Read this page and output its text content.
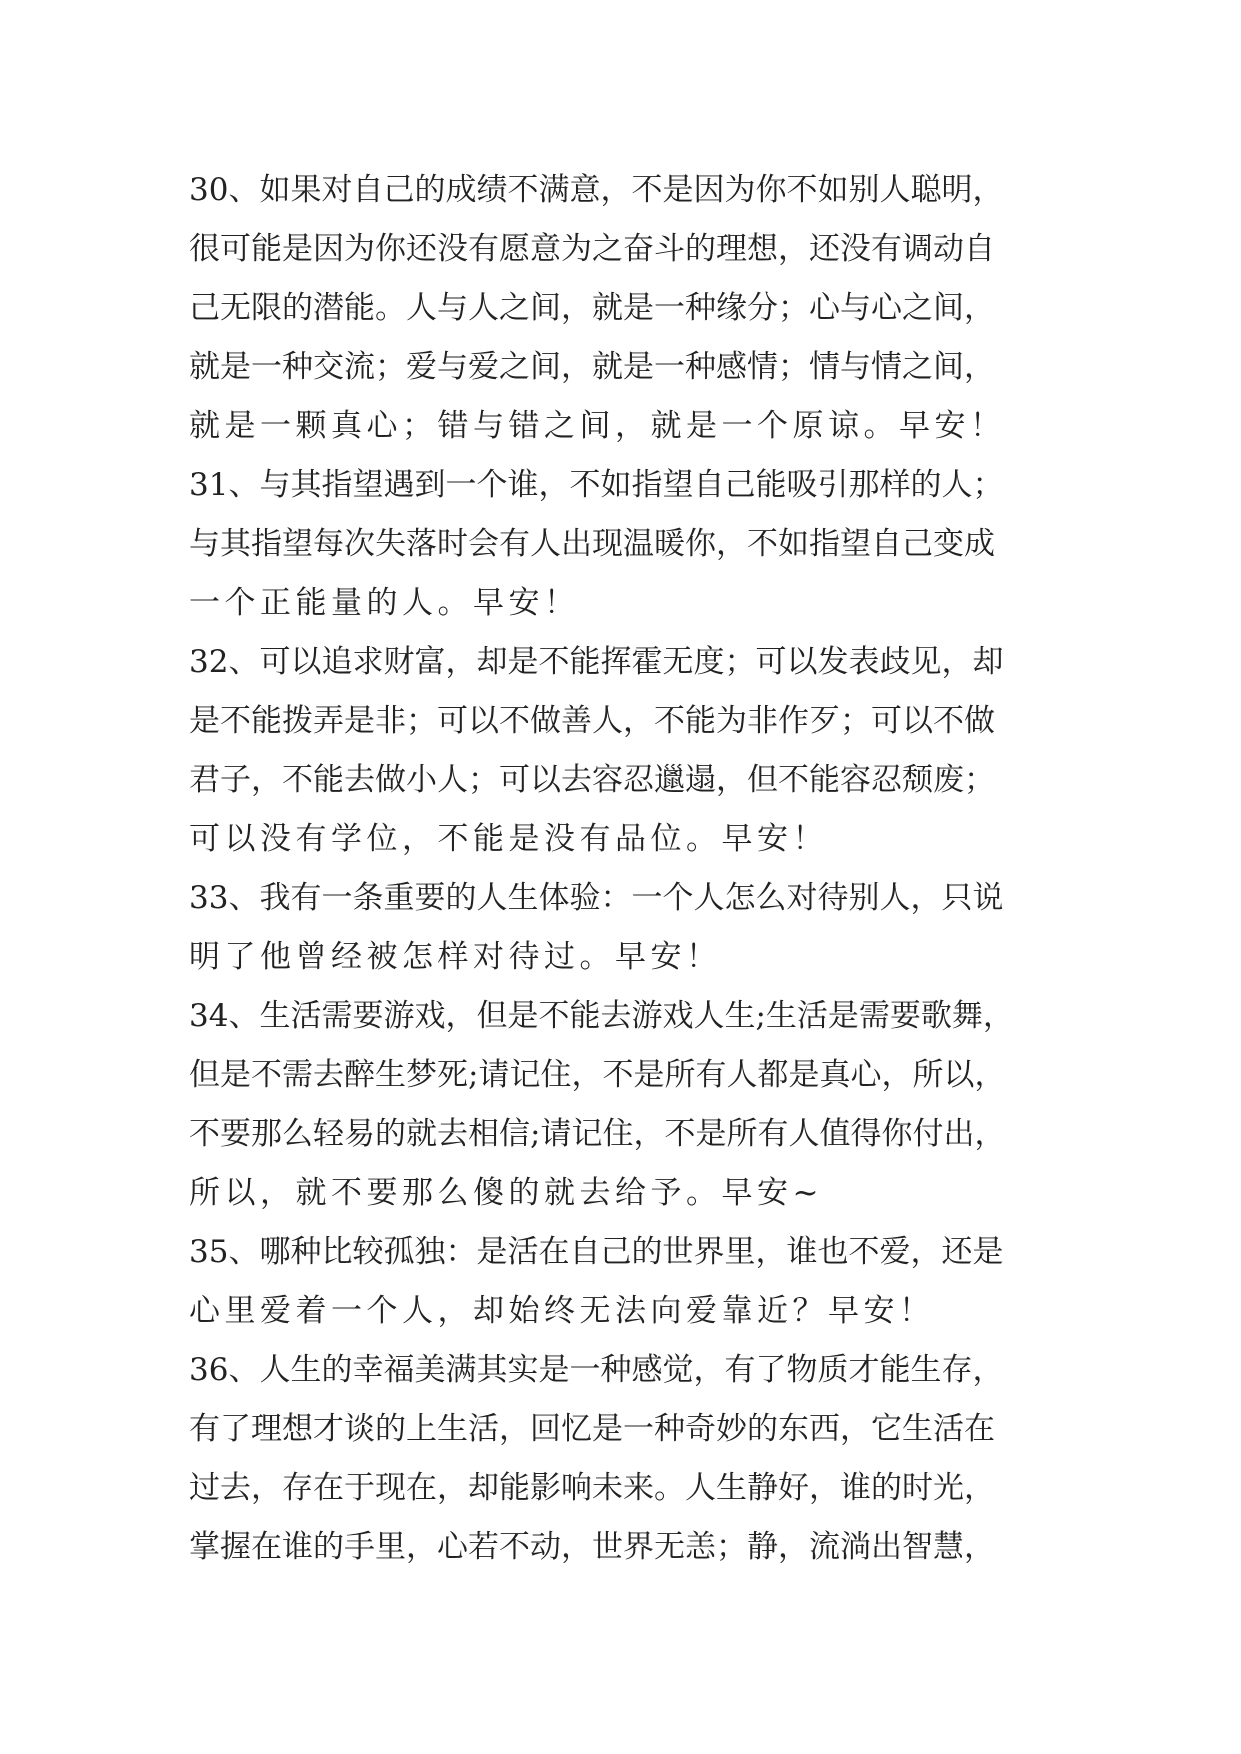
30、如果对自己的成绩不满意，不是因为你不如别人聪明，
很可能是因为你还没有愿意为之奋斗的理想，还没有调动自
己无限的潜能。人与人之间，就是一种缘分；心与心之间，
就是一种交流；爱与爱之间，就是一种感情；情与情之间，
就是一颗真心；错与错之间，就是一个原谅。早安！
31、与其指望遇到一个谁，不如指望自己能吸引那样的人；
与其指望每次失落时会有人出现温暖你，不如指望自己变成
一个正能量的人。早安！
32、可以追求财富，却是不能挥霍无度；可以发表歧见，却
是不能拨弄是非；可以不做善人，不能为非作歹；可以不做
君子，不能去做小人；可以去容忍邋遢，但不能容忍颓废；
可以没有学位，不能是没有品位。早安！
33、我有一条重要的人生体验：一个人怎么对待别人，只说
明了他曾经被怎样对待过。早安！
34、生活需要游戏，但是不能去游戏人生;生活是需要歌舞，
但是不需去醉生梦死;请记住，不是所有人都是真心，所以，
不要那么轻易的就去相信;请记住，不是所有人值得你付出，
所以，就不要那么傻的就去给予。早安~
35、哪种比较孤独：是活在自己的世界里，谁也不爱，还是
心里爱着一个人，却始终无法向爱靠近？早安！
36、人生的幸福美满其实是一种感觉，有了物质才能生存，
有了理想才谈的上生活，回忆是一种奇妙的东西，它生活在
过去，存在于现在，却能影响未来。人生静好，谁的时光，
掌握在谁的手里，心若不动，世界无恙；静，流淌出智慧，
